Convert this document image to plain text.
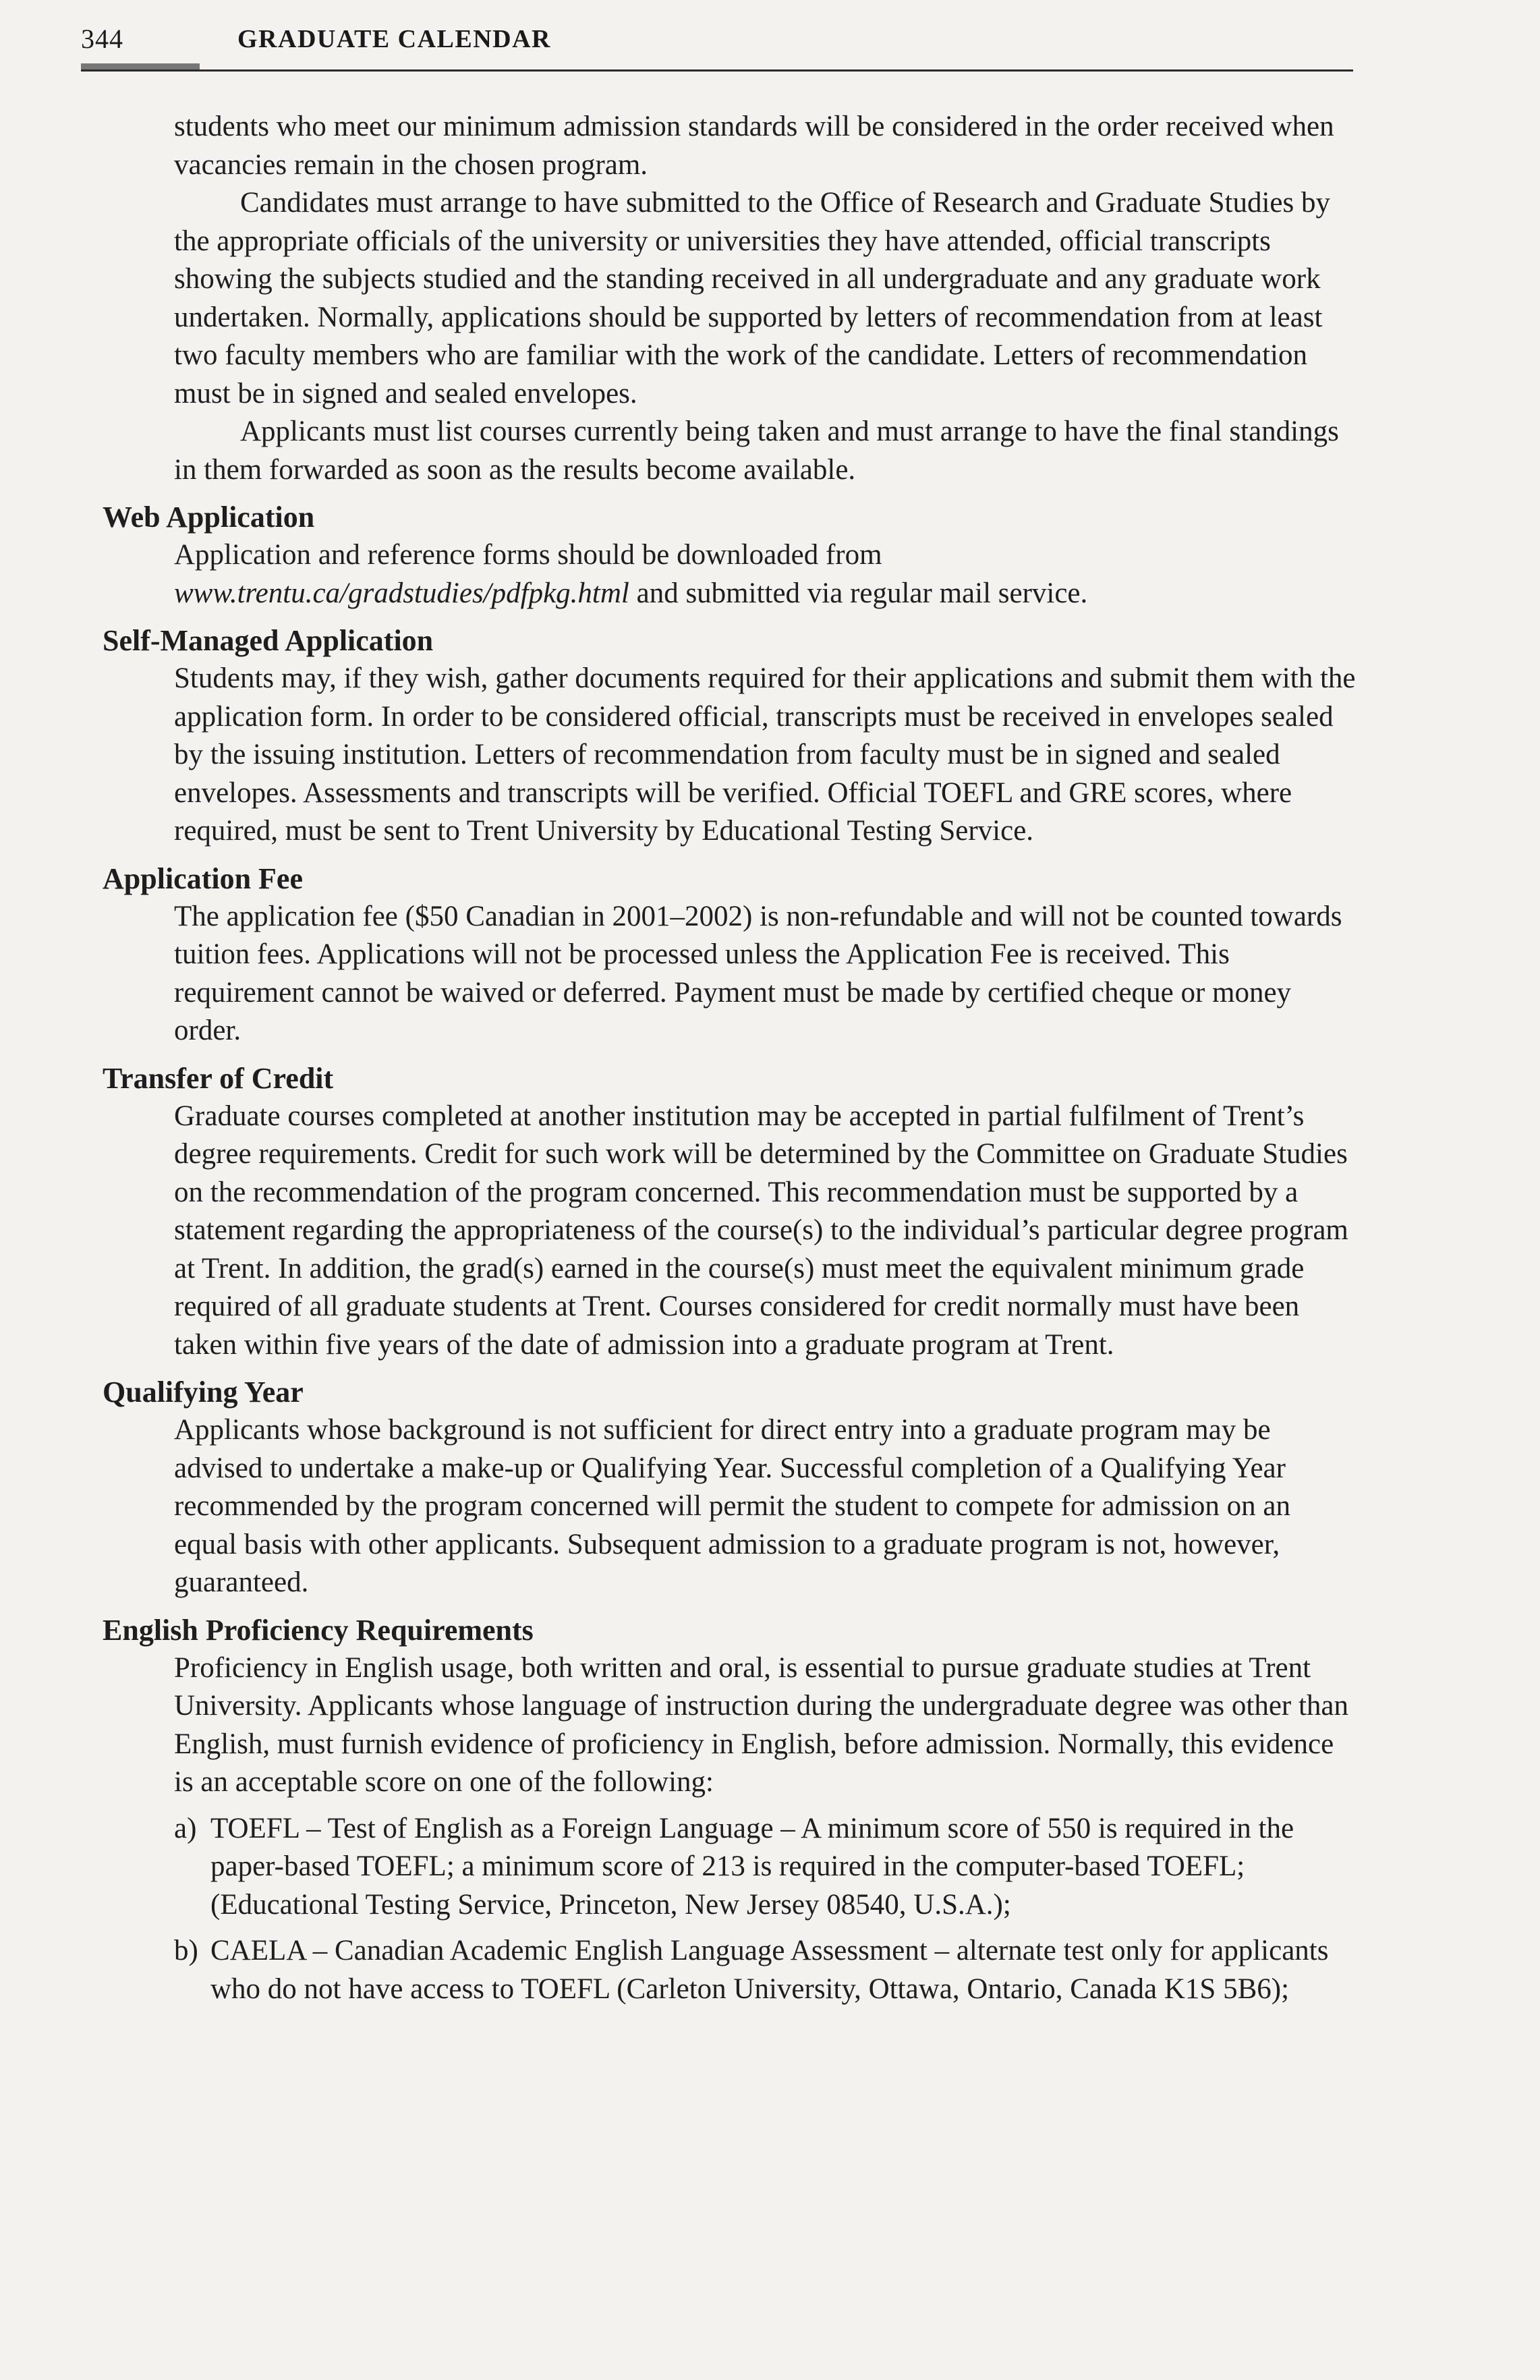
344	GRADUATE CALENDAR

students who meet our minimum admission standards will be considered in the order received when vacancies remain in the chosen program.

Candidates must arrange to have submitted to the Office of Research and Graduate Studies by the appropriate officials of the university or universities they have attended, official transcripts showing the subjects studied and the standing received in all undergraduate and any graduate work undertaken. Normally, applications should be supported by letters of recommendation from at least two faculty members who are familiar with the work of the candidate. Letters of recommendation must be in signed and sealed envelopes.

Applicants must list courses currently being taken and must arrange to have the final standings in them forwarded as soon as the results become available.

Web Application

Application and reference forms should be downloaded from
www.trentu.ca/gradstudies/pdfpkg.html and submitted via regular mail service.

Self-Managed Application

Students may, if they wish, gather documents required for their applications and submit them with the application form. In order to be considered official, transcripts must be received in envelopes sealed by the issuing institution. Letters of recommendation from faculty must be in signed and sealed envelopes. Assessments and transcripts will be verified. Official TOEFL and GRE scores, where required, must be sent to Trent University by Educational Testing Service.

Application Fee

The application fee ($50 Canadian in 2001–2002) is non-refundable and will not be counted towards tuition fees. Applications will not be processed unless the Application Fee is received. This requirement cannot be waived or deferred. Payment must be made by certified cheque or money order.

Transfer of Credit

Graduate courses completed at another institution may be accepted in partial fulfilment of Trent’s degree requirements. Credit for such work will be determined by the Committee on Graduate Studies on the recommendation of the program concerned. This recommendation must be supported by a statement regarding the appropriateness of the course(s) to the individual’s particular degree program at Trent. In addition, the grad(s) earned in the course(s) must meet the equivalent minimum grade required of all graduate students at Trent. Courses considered for credit normally must have been taken within five years of the date of admission into a graduate program at Trent.

Qualifying Year

Applicants whose background is not sufficient for direct entry into a graduate program may be advised to undertake a make-up or Qualifying Year. Successful completion of a Qualifying Year recommended by the program concerned will permit the student to compete for admission on an equal basis with other applicants. Subsequent admission to a graduate program is not, however, guaranteed.

English Proficiency Requirements

Proficiency in English usage, both written and oral, is essential to pursue graduate studies at Trent University. Applicants whose language of instruction during the undergraduate degree was other than English, must furnish evidence of proficiency in English, before admission. Normally, this evidence is an acceptable score on one of the following:

a) TOEFL – Test of English as a Foreign Language – A minimum score of 550 is required in the paper-based TOEFL; a minimum score of 213 is required in the computer-based TOEFL; (Educational Testing Service, Princeton, New Jersey 08540, U.S.A.);
b) CAELA – Canadian Academic English Language Assessment – alternate test only for applicants who do not have access to TOEFL (Carleton University, Ottawa, Ontario, Canada K1S 5B6);
